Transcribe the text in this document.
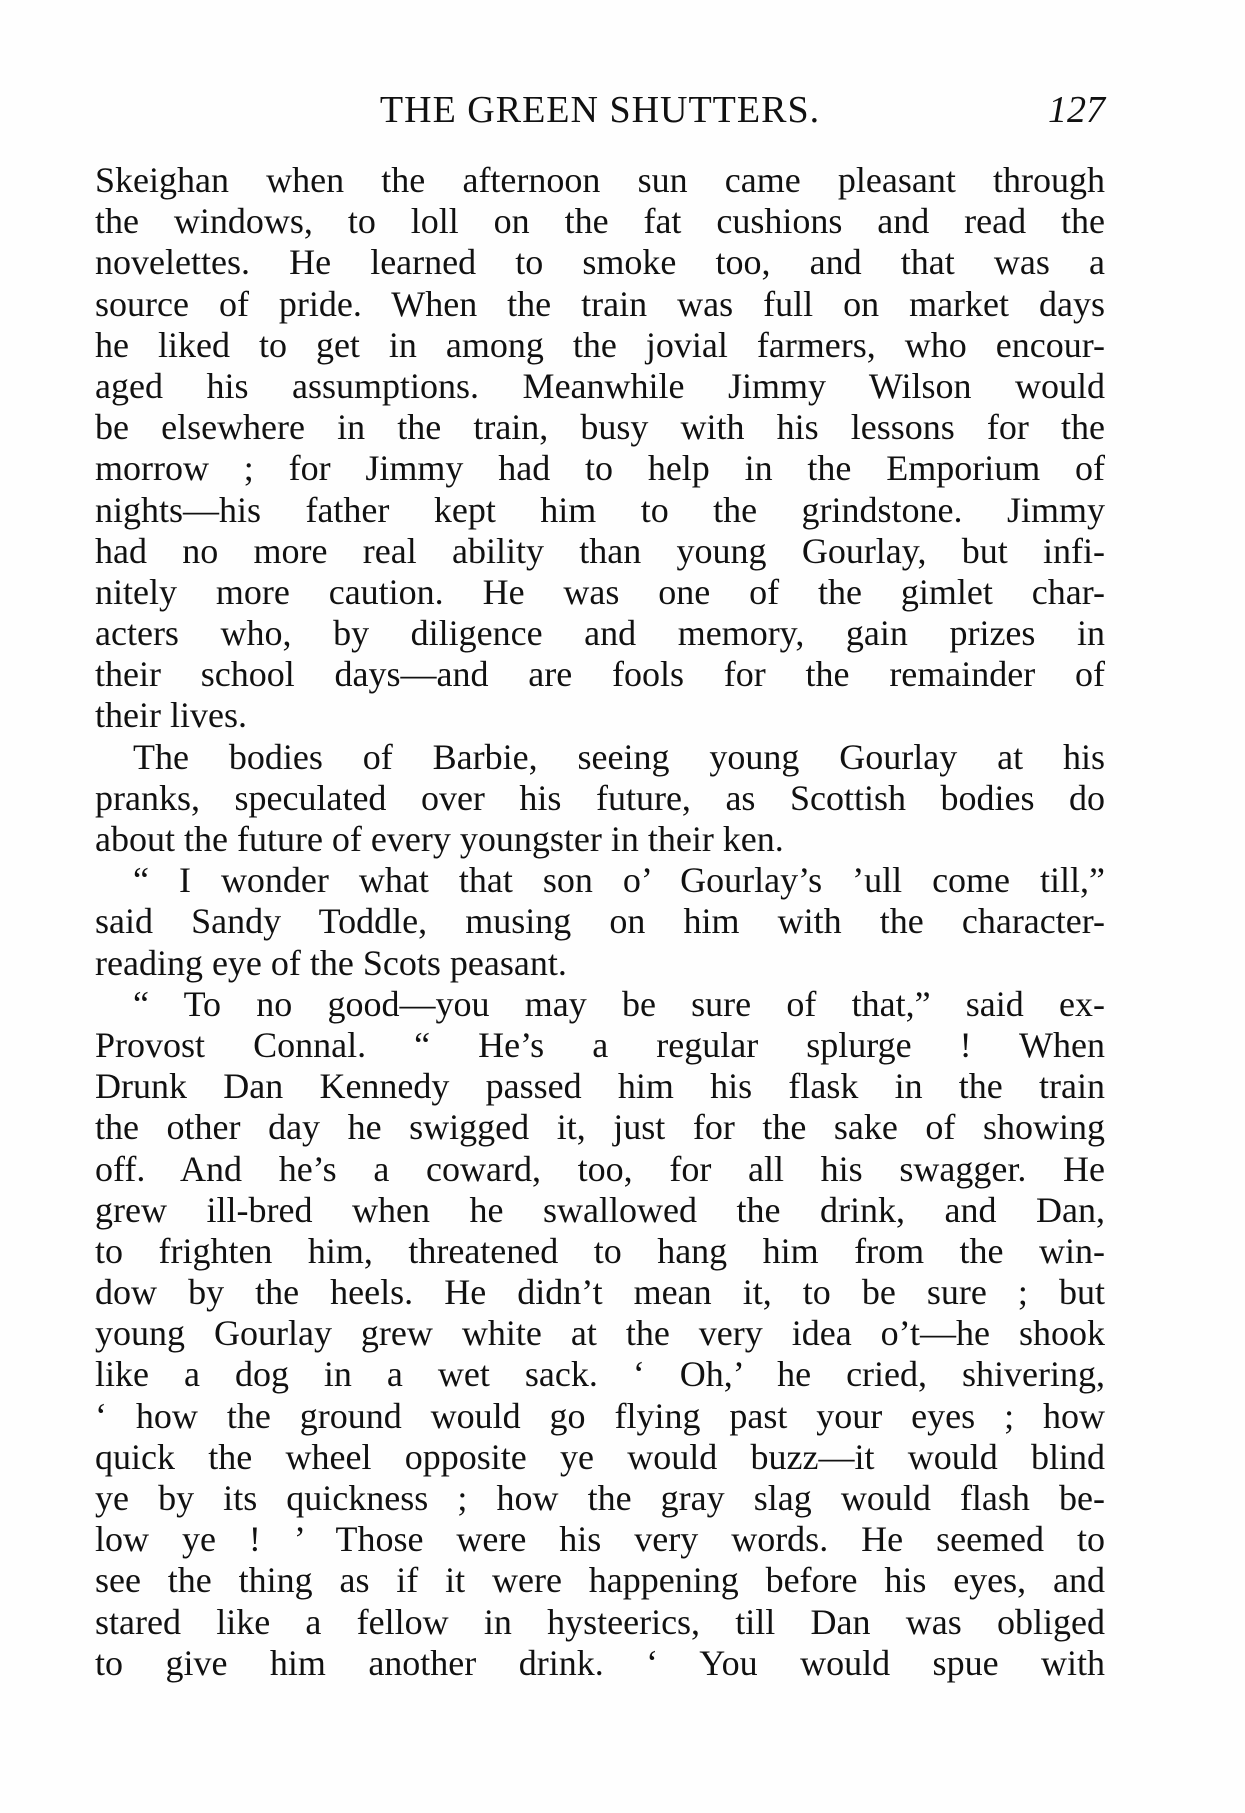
THE GREEN SHUTTERS.	127
Skeighan when the afternoon sun came pleasant through
the windows, to loll on the fat cushions and read the
novelettes. He learned to smoke too, and that was a
source of pride. When the train was full on market days
he liked to get in among the jovial farmers, who encour-
aged his assumptions. Meanwhile Jimmy Wilson would
be elsewhere in the train, busy with his lessons for the
morrow ; for Jimmy had to help in the Emporium of
nights—his father kept him to the grindstone. Jimmy
had no more real ability than young Gourlay, but infi-
nitely more caution. He was one of the gimlet char-
acters who, by diligence and memory, gain prizes in
their school days—and are fools for the remainder of
their lives.
The bodies of Barbie, seeing young Gourlay at his
pranks, speculated over his future, as Scottish bodies do
about the future of every youngster in their ken.
“ I wonder what that son o’ Gourlay’s ’ull come till,”
said Sandy Toddle, musing on him with the character-
reading eye of the Scots peasant.
“ To no good—you may be sure of that,” said ex-
Provost Connal. “ He’s a regular splurge ! When
Drunk Dan Kennedy passed him his flask in the train
the other day he swigged it, just for the sake of showing
off. And he’s a coward, too, for all his swagger. He
grew ill-bred when he swallowed the drink, and Dan,
to frighten him, threatened to hang him from the win-
dow by the heels. He didn’t mean it, to be sure ; but
young Gourlay grew white at the very idea o’t—he shook
like a dog in a wet sack. ‘ Oh,’ he cried, shivering,
‘ how the ground would go flying past your eyes ; how
quick the wheel opposite ye would buzz—it would blind
ye by its quickness ; how the gray slag would flash be-
low ye ! ’ Those were his very words. He seemed to
see the thing as if it were happening before his eyes, and
stared like a fellow in hysteerics, till Dan was obliged
to give him another drink. ‘ You would spue with
